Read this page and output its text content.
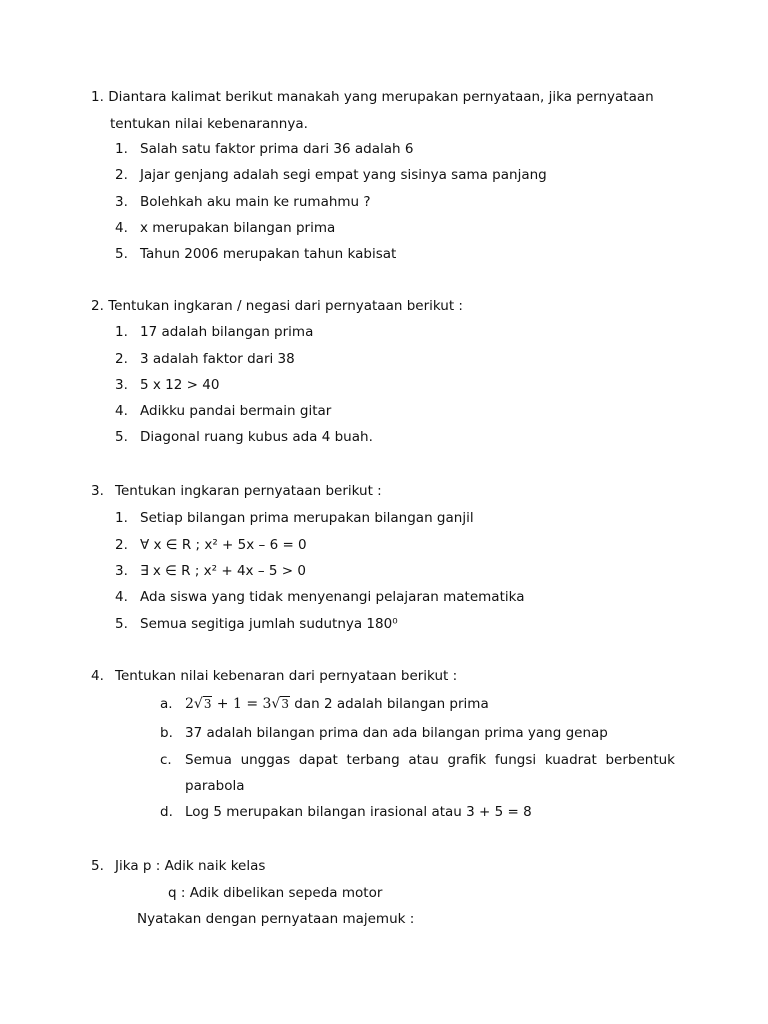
1. Diantara kalimat berikut manakah yang merupakan pernyataan, jika pernyataan
tentukan nilai kebenarannya.
1. Salah satu faktor prima dari 36 adalah 6
2. Jajar genjang adalah segi empat yang sisinya sama panjang
3. Bolehkah aku main ke rumahmu ?
4. x merupakan bilangan prima
5. Tahun 2006 merupakan tahun kabisat
2. Tentukan ingkaran / negasi dari pernyataan berikut :
1. 17 adalah bilangan prima
2. 3 adalah faktor dari 38
3. 5 x 12 > 40
4. Adikku pandai bermain gitar
5. Diagonal ruang kubus ada 4 buah.
3. Tentukan ingkaran pernyataan berikut :
1. Setiap bilangan prima merupakan bilangan ganjil
2. ∀ x ∈ R ; x² + 5x – 6 = 0
3. ∃ x ∈ R ; x² + 4x – 5 > 0
4. Ada siswa yang tidak menyenangi pelajaran matematika
5. Semua segitiga jumlah sudutnya 180⁰
4. Tentukan nilai kebenaran dari pernyataan berikut :
a. 2√3 + 1 = 3√3 dan 2 adalah bilangan prima
b. 37 adalah bilangan prima dan ada bilangan prima yang genap
c. Semua unggas dapat terbang atau grafik fungsi kuadrat berbentuk
parabola
d. Log 5 merupakan bilangan irasional atau 3 + 5 = 8
5. Jika p : Adik naik kelas
q : Adik dibelikan sepeda motor
Nyatakan dengan pernyataan majemuk :
